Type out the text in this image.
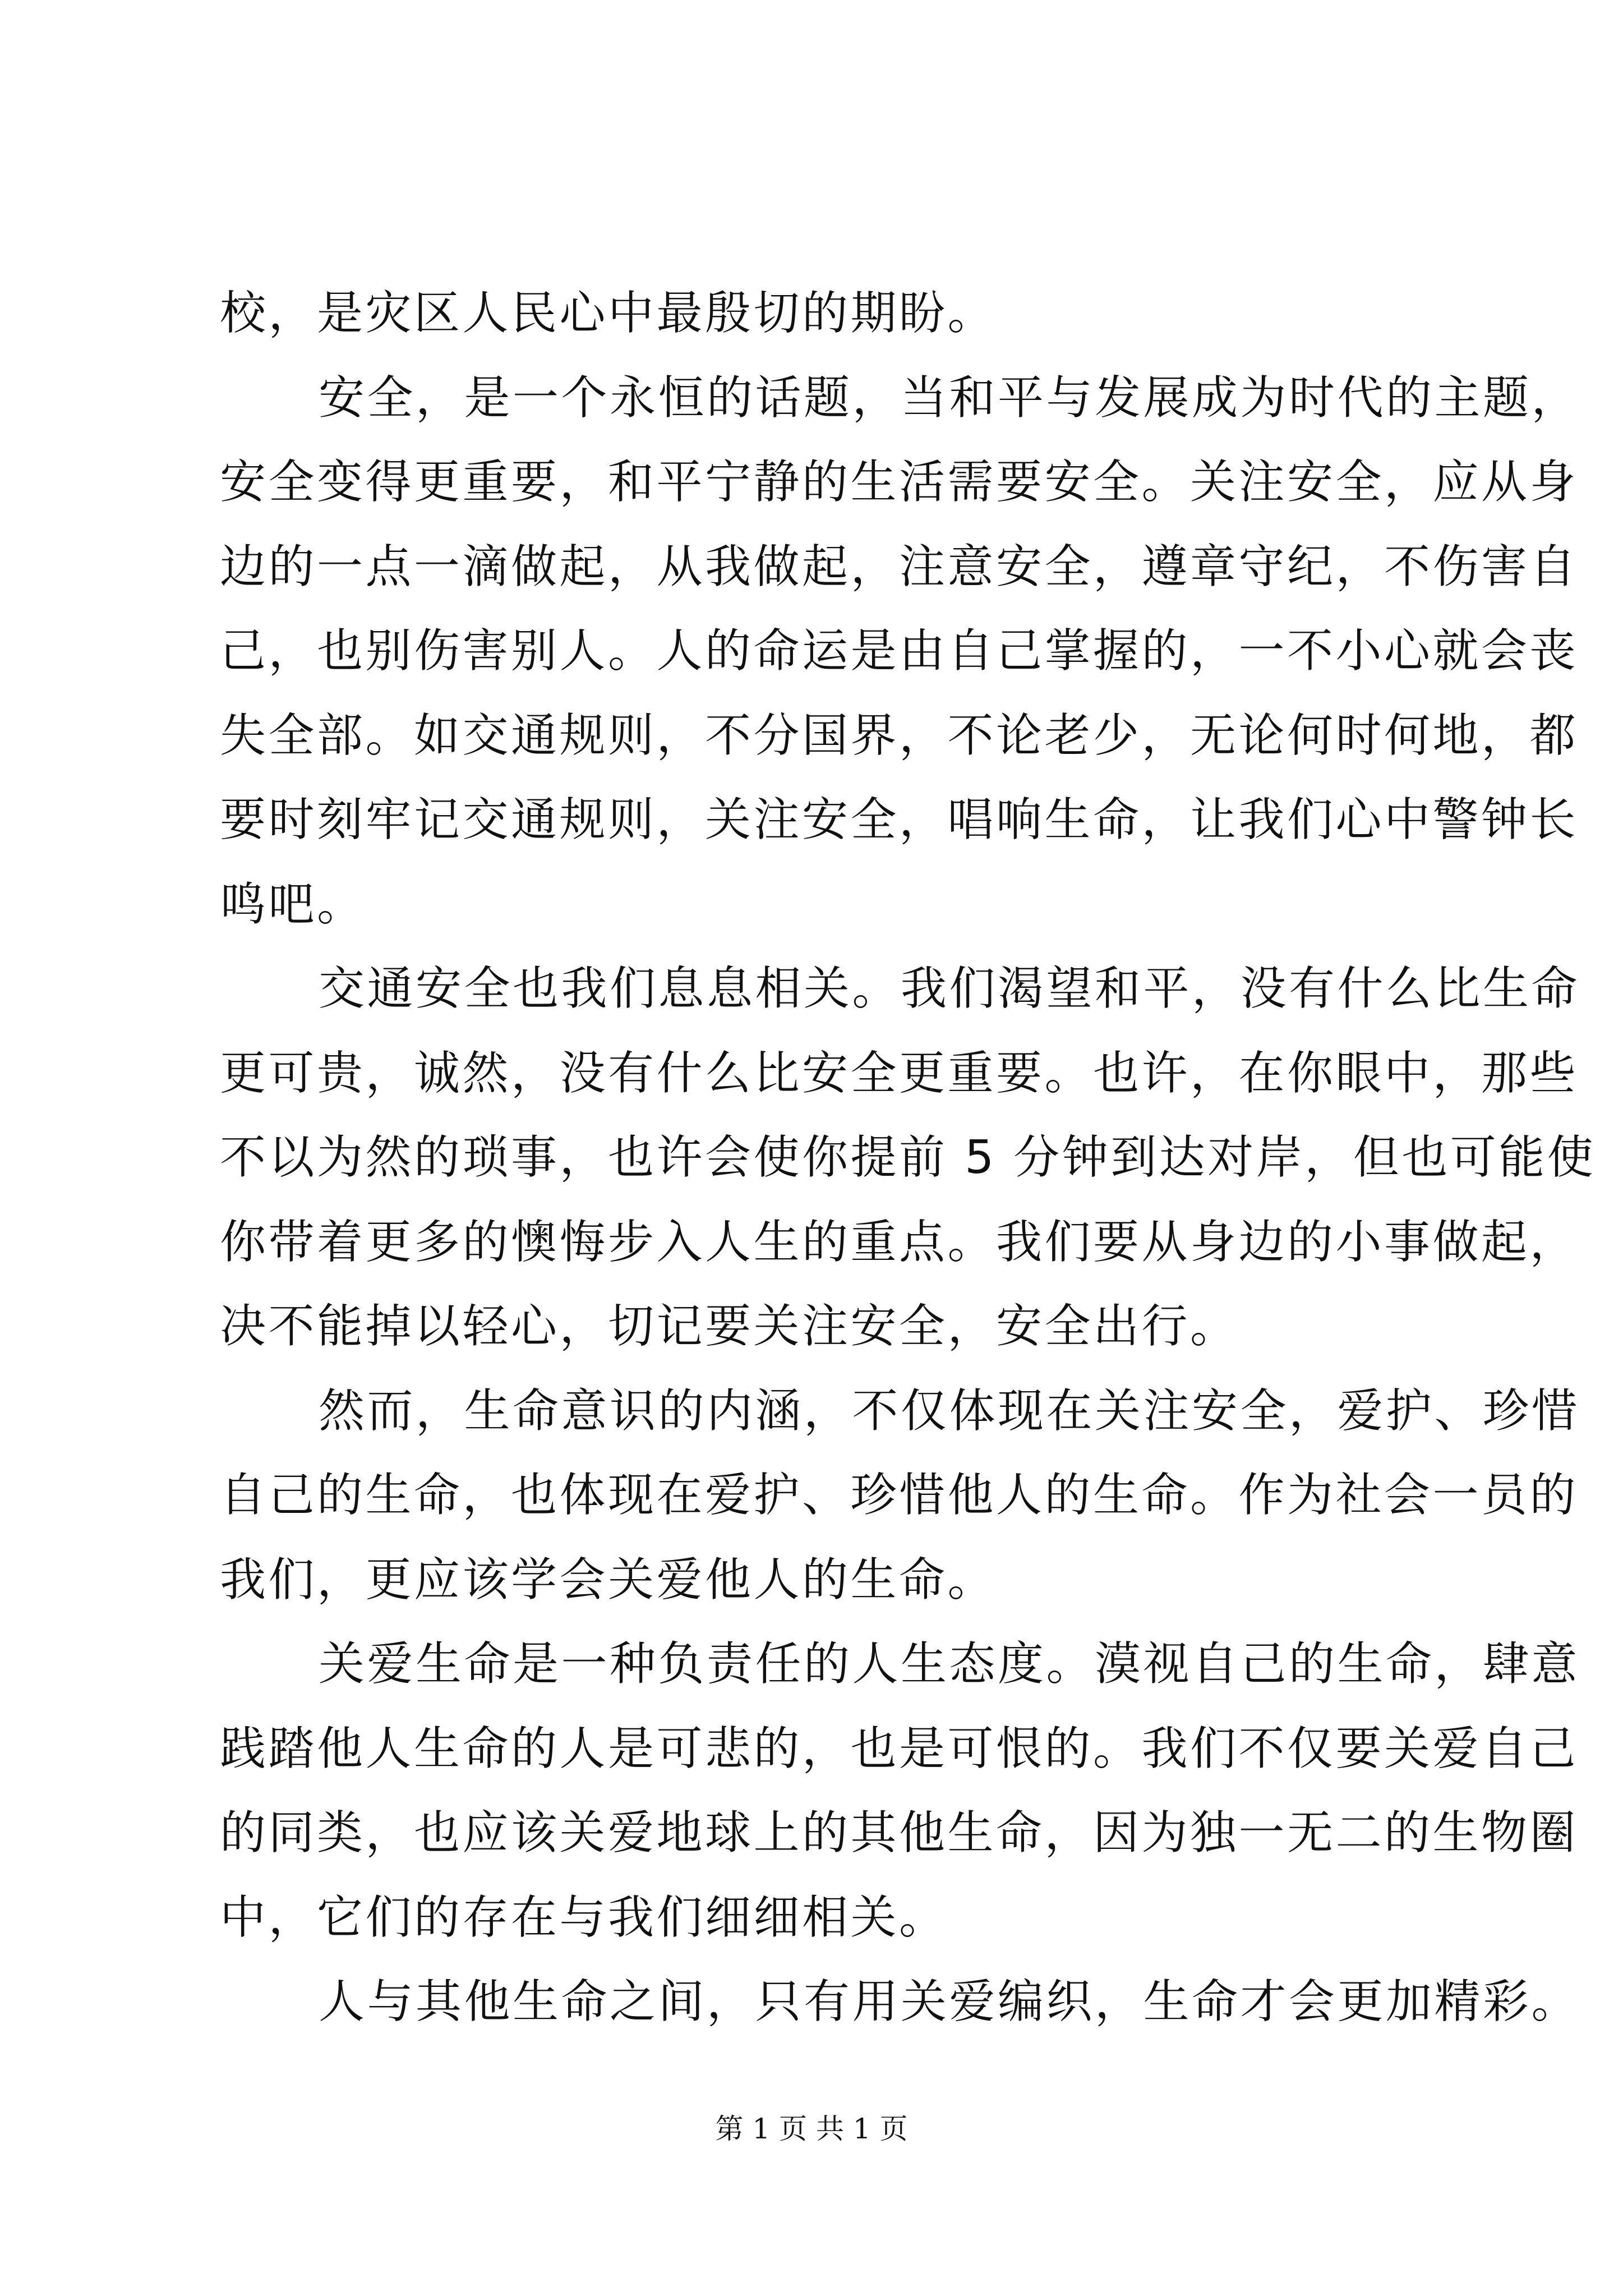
校，是灾区人民心中最殷切的期盼。
安全，是一个永恒的话题，当和平与发展成为时代的主题，
安全变得更重要，和平宁静的生活需要安全。关注安全，应从身
边的一点一滴做起，从我做起，注意安全，遵章守纪，不伤害自
己，也别伤害别人。人的命运是由自己掌握的，一不小心就会丧
失全部。如交通规则，不分国界，不论老少，无论何时何地，都
要时刻牢记交通规则，关注安全，唱响生命，让我们心中警钟长
鸣吧。
交通安全也我们息息相关。我们渴望和平，没有什么比生命
更可贵，诚然，没有什么比安全更重要。也许，在你眼中，那些
不以为然的琐事，也许会使你提前 5 分钟到达对岸，但也可能使
你带着更多的懊悔步入人生的重点。我们要从身边的小事做起，
决不能掉以轻心，切记要关注安全，安全出行。
然而，生命意识的内涵，不仅体现在关注安全，爱护、珍惜
自己的生命，也体现在爱护、珍惜他人的生命。作为社会一员的
我们，更应该学会关爱他人的生命。
关爱生命是一种负责任的人生态度。漠视自己的生命，肆意
践踏他人生命的人是可悲的，也是可恨的。我们不仅要关爱自己
的同类，也应该关爱地球上的其他生命，因为独一无二的生物圈
中，它们的存在与我们细细相关。
人与其他生命之间，只有用关爱编织，生命才会更加精彩。
第 1 页 共 1 页
